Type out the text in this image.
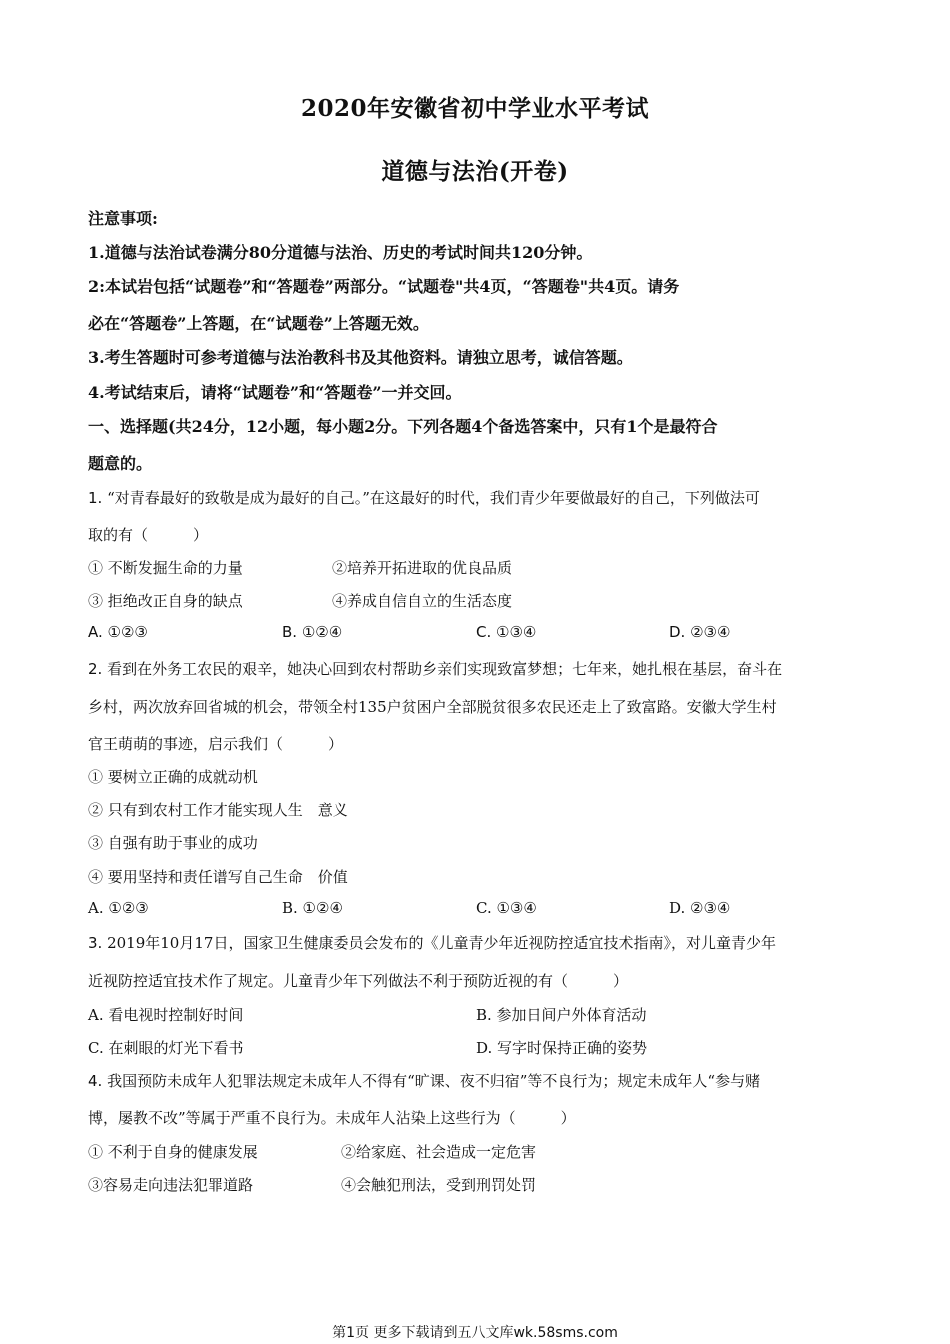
2020年安徽省初中学业水平考试
道德与法治(开卷)
注意事项:
1.道德与法治试卷满分80分道德与法治、历史的考试时间共120分钟。
2:本试岩包括“试题卷”和“答题卷”两部分。“试题卷"共4页，“答题卷"共4页。请务
必在“答题卷”上答题，在“试题卷”上答题无效。
3.考生答题时可参考道德与法治教科书及其他资料。请独立思考，诚信答题。
4.考试结束后，请将“试题卷”和“答题卷”一并交回。
一、选择题(共24分，12小题，每小题2分。下列各题4个备选答案中，只有1个是最符合
题意的。
1. “对青春最好的致敬是成为最好的自己。”在这最好的时代，我们青少年要做最好的自己，下列做法可
取的有（　　　）
① 不断发掘生命的力量	②培养开拓进取的优良品质
③ 拒绝改正自身的缺点	④养成自信自立的生活态度
A. ①②③	B. ①②④	C. ①③④	D. ②③④
2. 看到在外务工农民的艰辛，她决心回到农村帮助乡亲们实现致富梦想；七年来，她扎根在基层，奋斗在
乡村，两次放弃回省城的机会，带领全村135户贫困户全部脱贫很多农民还走上了致富路。安徽大学生村
官王萌萌的事迹，启示我们（　　　）
① 要树立正确的成就动机
② 只有到农村工作才能实现人生　意义
③ 自强有助于事业的成功
④ 要用坚持和责任谱写自己生命　价值
A. ①②③	B. ①②④	C. ①③④	D. ②③④
3. 2019年10月17日，国家卫生健康委员会发布的《儿童青少年近视防控适宜技术指南》，对儿童青少年
近视防控适宜技术作了规定。儿童青少年下列做法不利于预防近视的有（　　　）
A. 看电视时控制好时间	B. 参加日间户外体育活动
C. 在刺眼的灯光下看书	D. 写字时保持正确的姿势
4. 我国预防未成年人犯罪法规定未成年人不得有“旷课、夜不归宿”等不良行为；规定未成年人“参与赌
博，屡教不改”等属于严重不良行为。未成年人沾染上这些行为（　　　）
① 不利于自身的健康发展	②给家庭、社会造成一定危害
③容易走向违法犯罪道路	④会触犯刑法，受到刑罚处罚
第1页 更多下载请到五八文库wk.58sms.com
